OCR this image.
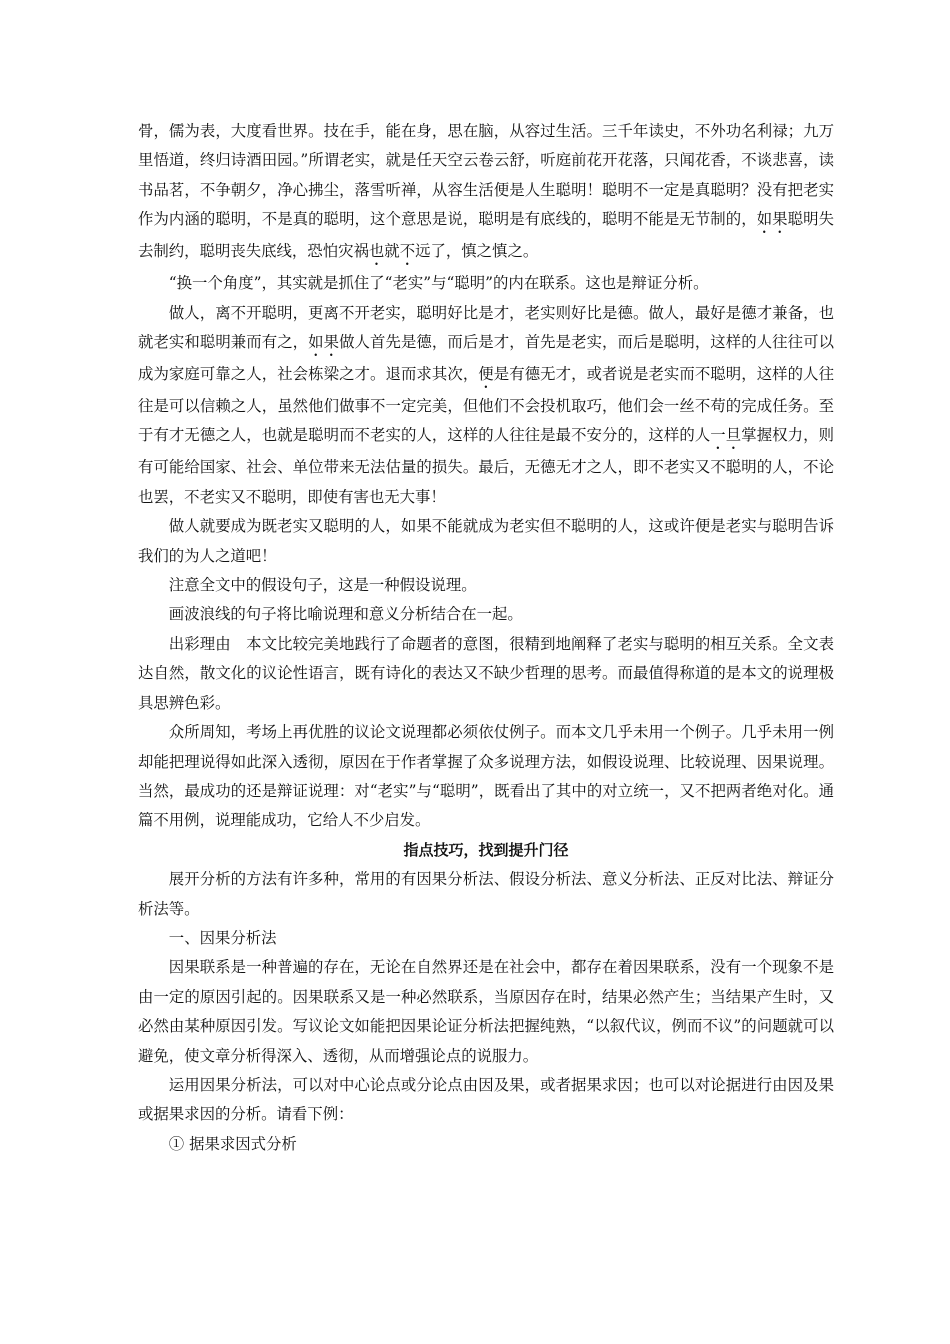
骨，儒为表，大度看世界。技在手，能在身，思在脑，从容过生活。三千年读史，不外功名利禄；九万里悟道，终归诗酒田园。”所谓老实，就是任天空云卷云舒，听庭前花开花落，只闻花香，不谈悲喜，读书品茗，不争朝夕，净心拂尘，落雪听禅，从容生活便是人生聪明！聪明不一定是真聪明？没有把老实作为内涵的聪明，不是真的聪明，这个意思是说，聪明是有底线的，聪明不能是无节制的，如果聪明失去制约，聪明丧失底线，恐怕灾祸也就不远了，慎之慎之。

“换一个角度”，其实就是抓住了“老实”与“聪明”的内在联系。这也是辩证分析。

做人，离不开聪明，更离不开老实，聪明好比是才，老实则好比是德。做人，最好是德才兼备，也就老实和聪明兼而有之，如果做人首先是德，而后是才，首先是老实，而后是聪明，这样的人往往可以成为家庭可靠之人，社会栋梁之才。退而求其次，便是有德无才，或者说是老实而不聪明，这样的人往往是可以信赖之人，虽然他们做事不一定完美，但他们不会投机取巧，他们会一丝不苟的完成任务。至于有才无德之人，也就是聪明而不老实的人，这样的人往往是最不安分的，这样的人一旦掌握权力，则有可能给国家、社会、单位带来无法估量的损失。最后，无德无才之人，即不老实又不聪明的人，不论也罢，不老实又不聪明，即使有害也无大事！

做人就要成为既老实又聪明的人，如果不能就成为老实但不聪明的人，这或许便是老实与聪明告诉我们的为人之道吧！

注意全文中的假设句子，这是一种假设说理。

画波浪线的句子将比喻说理和意义分析结合在一起。

出彩理由　本文比较完美地践行了命题者的意图，很精到地阐释了老实与聪明的相互关系。全文表达自然，散文化的议论性语言，既有诗化的表达又不缺少哲理的思考。而最值得称道的是本文的说理极具思辨色彩。

众所周知，考场上再优胜的议论文说理都必须依仗例子。而本文几乎未用一个例子。几乎未用一例却能把理说得如此深入透彻，原因在于作者掌握了众多说理方法，如假设说理、比较说理、因果说理。当然，最成功的还是辩证说理：对“老实”与“聪明”，既看出了其中的对立统一，又不把两者绝对化。通篇不用例，说理能成功，它给人不少启发。

指点技巧，找到提升门径

展开分析的方法有许多种，常用的有因果分析法、假设分析法、意义分析法、正反对比法、辩证分析法等。

一、因果分析法

因果联系是一种普遍的存在，无论在自然界还是在社会中，都存在着因果联系，没有一个现象不是由一定的原因引起的。因果联系又是一种必然联系，当原因存在时，结果必然产生；当结果产生时，又必然由某种原因引发。写议论文如能把因果论证分析法把握纯熟，“以叙代议，例而不议”的问题就可以避免，使文章分析得深入、透彻，从而增强论点的说服力。

运用因果分析法，可以对中心论点或分论点由因及果，或者据果求因；也可以对论据进行由因及果或据果求因的分析。请看下例：

① 据果求因式分析
